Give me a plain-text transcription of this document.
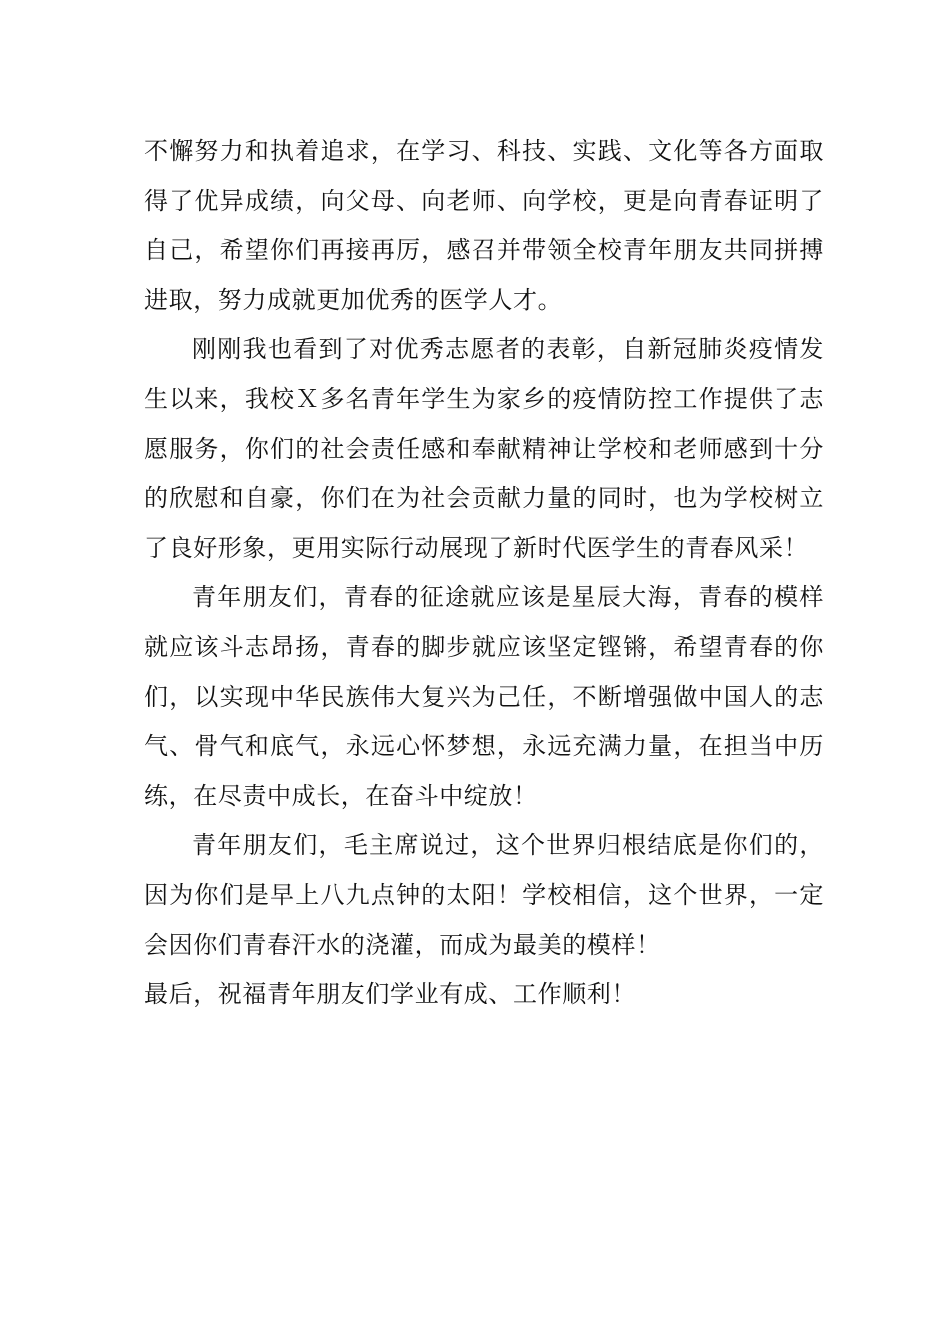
不懈努力和执着追求，在学习、科技、实践、文化等各方面取得了优异成绩，向父母、向老师、向学校，更是向青春证明了自己，希望你们再接再厉，感召并带领全校青年朋友共同拼搏进取，努力成就更加优秀的医学人才。

刚刚我也看到了对优秀志愿者的表彰，自新冠肺炎疫情发生以来，我校Ｘ多名青年学生为家乡的疫情防控工作提供了志愿服务，你们的社会责任感和奉献精神让学校和老师感到十分的欣慰和自豪，你们在为社会贡献力量的同时，也为学校树立了良好形象，更用实际行动展现了新时代医学生的青春风采！

青年朋友们，青春的征途就应该是星辰大海，青春的模样就应该斗志昂扬，青春的脚步就应该坚定铿锵，希望青春的你们，以实现中华民族伟大复兴为己任，不断增强做中国人的志气、骨气和底气，永远心怀梦想，永远充满力量，在担当中历练，在尽责中成长，在奋斗中绽放！

青年朋友们，毛主席说过，这个世界归根结底是你们的，因为你们是早上八九点钟的太阳！学校相信，这个世界，一定会因你们青春汗水的浇灌，而成为最美的模样！

最后，祝福青年朋友们学业有成、工作顺利！
